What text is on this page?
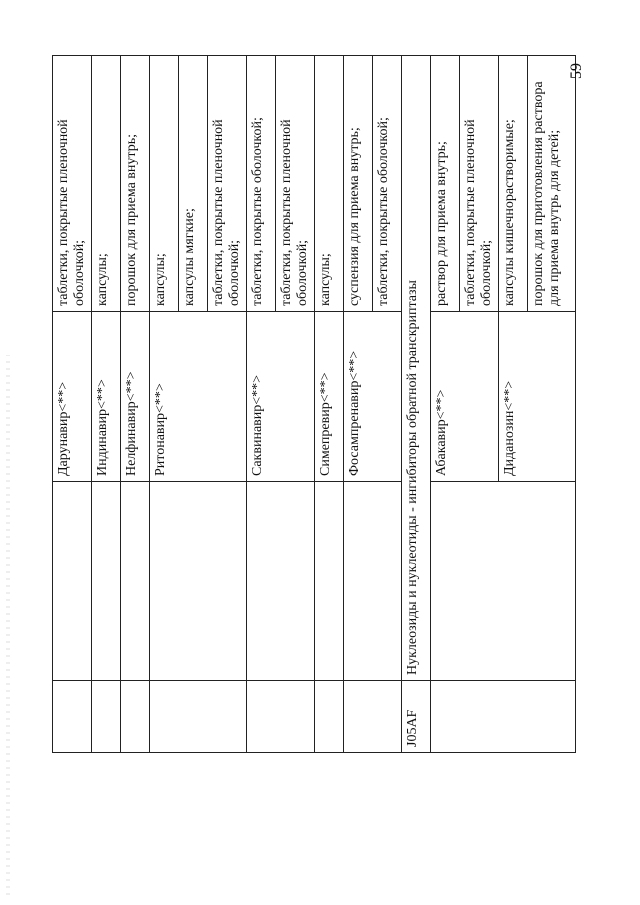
		Дарунавир<**>	таблетки, покрытые пленочной оболочкой;
		Индинавир<**>	капсулы;
		Нелфинавир<**>	порошок для приема внутрь;
		Ритонавир<**>	капсулы;
			капсулы мягкие;
			таблетки, покрытые пленочной оболочкой;
		Саквинавир<**>	таблетки, покрытые оболочкой;
			таблетки, покрытые пленочной оболочкой;
		Симепревир<**>	капсулы;
		Фосампренавир<**>	суспензия для приема внутрь;
			таблетки, покрытые оболочкой;
J05AF	Нуклеозиды и нуклеотиды - ингибиторы обратной транскриптазы		
		Абакавир<**>	раствор для приема внутрь;
			таблетки, покрытые пленочной оболочкой;
		Диданозин<**>	капсулы кишечнорастворимые;
			порошок для приготовления раствора для приема внутрь для детей;
59
